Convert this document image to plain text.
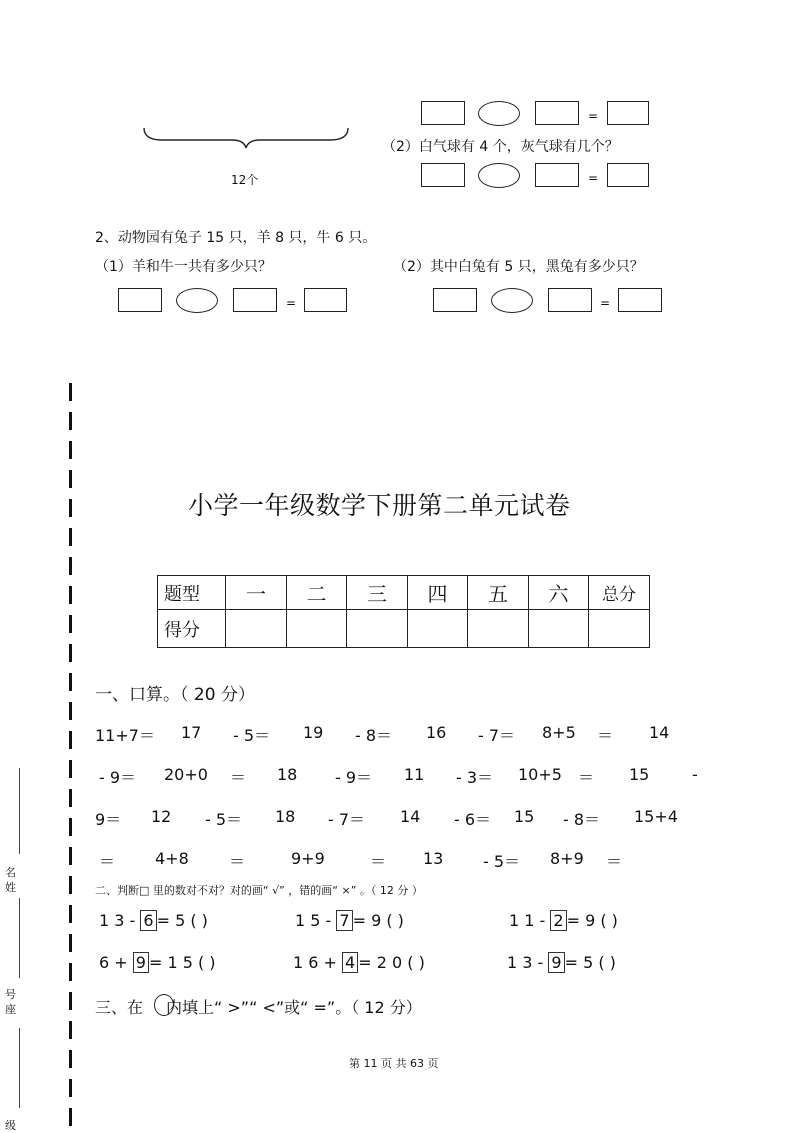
12个
=
（2）白气球有 4 个，灰气球有几个？
=
2、动物园有兔子 15 只，羊 8 只，牛 6 只。
（1）羊和牛一共有多少只？	（2）其中白兔有 5 只，黑兔有多少只？
=	=
名
姓
号
座
级
小学一年级数学下册第二单元试卷
题型	一	二	三	四	五	六	总分
得分							
一、口算。（ 20 分）
11+7＝ 17 - 5＝ 19 - 8＝ 16 - 7＝ 8+5 ＝ 14
- 9＝ 20+0 ＝ 18 - 9＝ 11 - 3＝ 10+5 ＝ 15	-
9＝ 12 - 5＝ 18 - 7＝ 14 - 6＝ 15 - 8＝ 15+4
＝ 4+8	＝	9+9	＝ 13 - 5＝ 8+9 ＝
二、判断□ 里的数对不对？对的画“ √” ，错的画“ ×” 。（ 12 分 ）
1 3 - 6 = 5 ( )	1 5 - 7 = 9 ( )	1 1 - 2 = 9 ( )
6 + 9 = 1 5 ( )	1 6 + 4 = 2 0 ( )	1 3 - 9 = 5 ( )
三、在 内填上“ >”“ <”或“ =”。（ 12 分）
第 11 页 共 63 页
